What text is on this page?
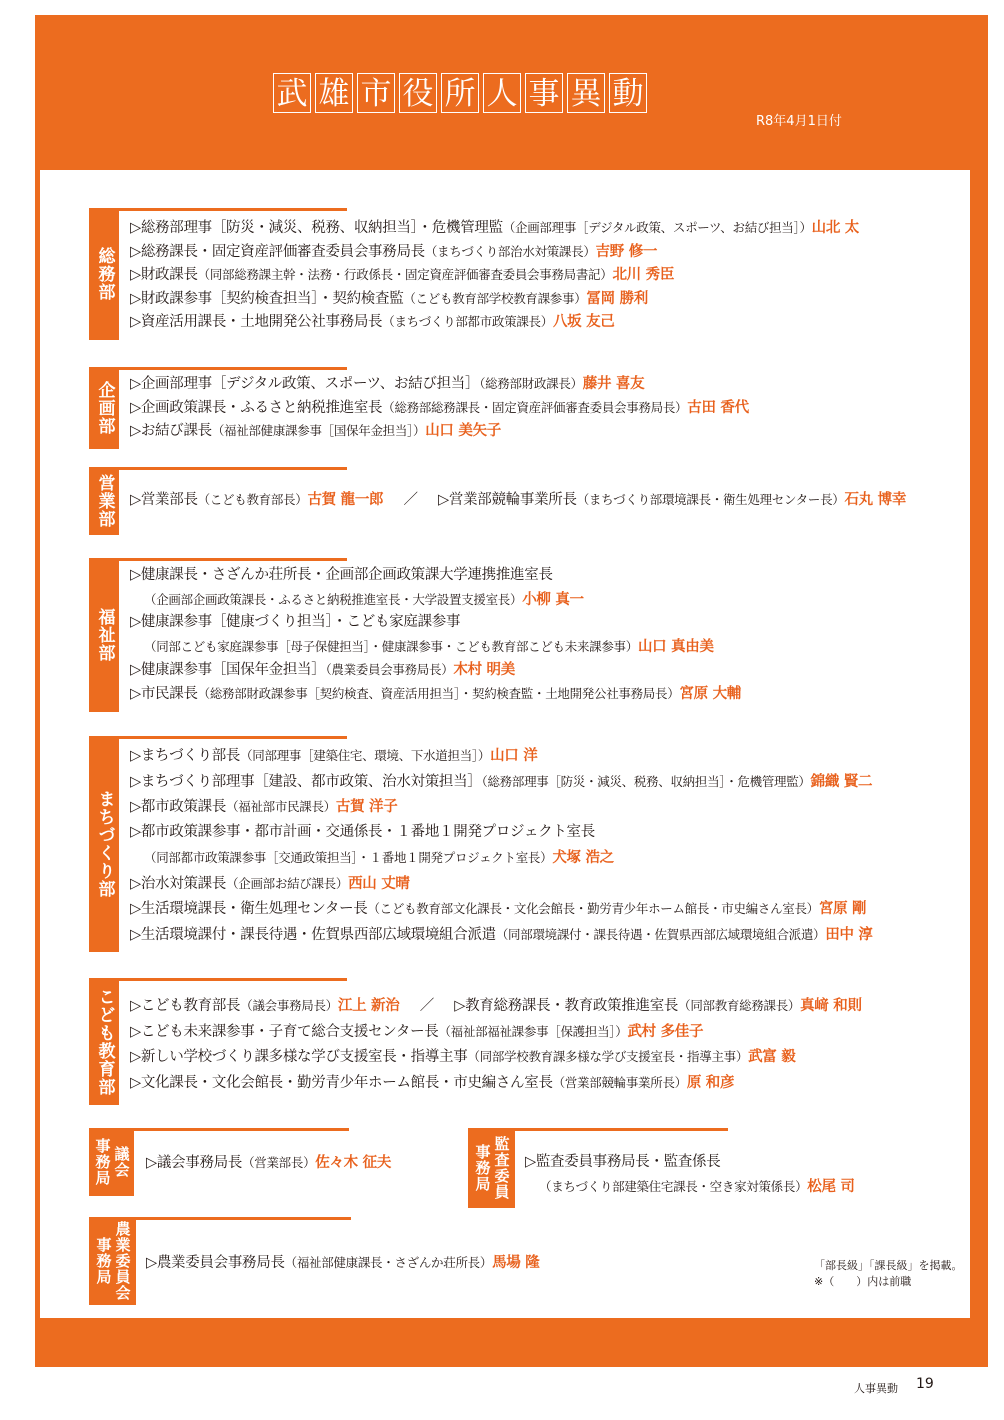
武 雄 市 役 所 人 事 異 動
R8年4月1日付
総務部
▷総務部理事［防災・減災、税務、収納担当］・危機管理監（企画部理事［デジタル政策、スポーツ、お結び担当］）山北 太
▷総務課長・固定資産評価審査委員会事務局長（まちづくり部治水対策課長）吉野 修一
▷財政課長（同部総務課主幹・法務・行政係長・固定資産評価審査委員会事務局書記）北川 秀臣
▷財政課参事［契約検査担当］・契約検査監（こども教育部学校教育課参事）冨岡 勝利
▷資産活用課長・土地開発公社事務局長（まちづくり部都市政策課長）八坂 友己
企画部 ▷企画部理事［デジタル政策、スポーツ、お結び担当］（総務部財政課長）藤井 喜友
▷企画政策課長・ふるさと納税推進室長（総務部総務課長・固定資産評価審査委員会事務局長）古田 香代
▷お結び課長（福祉部健康課参事［国保年金担当］）山口 美矢子
営業部 ▷営業部長（こども教育部長）古賀 龍一郎 ／ ▷営業部競輪事業所長（まちづくり部環境課長・衛生処理センター長）石丸 博幸
福祉部
▷健康課長・さざんか荘所長・企画部企画政策課大学連携推進室長
（企画部企画政策課長・ふるさと納税推進室長・大学設置支援室長）小柳 真一
▷健康課参事［健康づくり担当］・こども家庭課参事
（同部こども家庭課参事［母子保健担当］・健康課参事・こども教育部こども未来課参事）山口 真由美
▷健康課参事［国保年金担当］（農業委員会事務局長）木村 明美
▷市民課長（総務部財政課参事［契約検査、資産活用担当］・契約検査監・土地開発公社事務局長）宮原 大輔
まちづくり部
▷まちづくり部長（同部理事［建築住宅、環境、下水道担当］）山口 洋
▷まちづくり部理事［建設、都市政策、治水対策担当］（総務部理事［防災・減災、税務、収納担当］・危機管理監）錦織 賢二
▷都市政策課長（福祉部市民課長）古賀 洋子
▷都市政策課参事・都市計画・交通係長・１番地１開発プロジェクト室長
（同部都市政策課参事［交通政策担当］・１番地１開発プロジェクト室長）犬塚 浩之
▷治水対策課長（企画部お結び課長）西山 丈晴
▷生活環境課長・衛生処理センター長（こども教育部文化課長・文化会館長・勤労青少年ホーム館長・市史編さん室長）宮原 剛
▷生活環境課付・課長待遇・佐賀県西部広域環境組合派遣（同部環境課付・課長待遇・佐賀県西部広域環境組合派遣）田中 淳
こども教育部 ▷こども教育部長（議会事務局長）江上 新治 ／ ▷教育総務課長・教育政策推進室長（同部教育総務課長）真﨑 和則
▷こども未来課参事・子育て総合支援センター長（福祉部福祉課参事［保護担当］）武村 多佳子
▷新しい学校づくり課多様な学び支援室長・指導主事（同部学校教育課多様な学び支援室長・指導主事）武富 毅
▷文化課長・文化会館長・勤労青少年ホーム館長・市史編さん室長（営業部競輪事業所長）原 和彦
事務局 議会 ▷議会事務局長（営業部長）佐々木 征夫	事務局 監査委員 ▷監査委員事務局長・監査係長
（まちづくり部建築住宅課長・空き家対策係長）松尾 司
事務局 農業委員会 ▷農業委員会事務局長（福祉部健康課長・さざんか荘所長）馬場 隆	「部長級」「課長級」を掲載。
※（　　）内は前職
人事異動 19
